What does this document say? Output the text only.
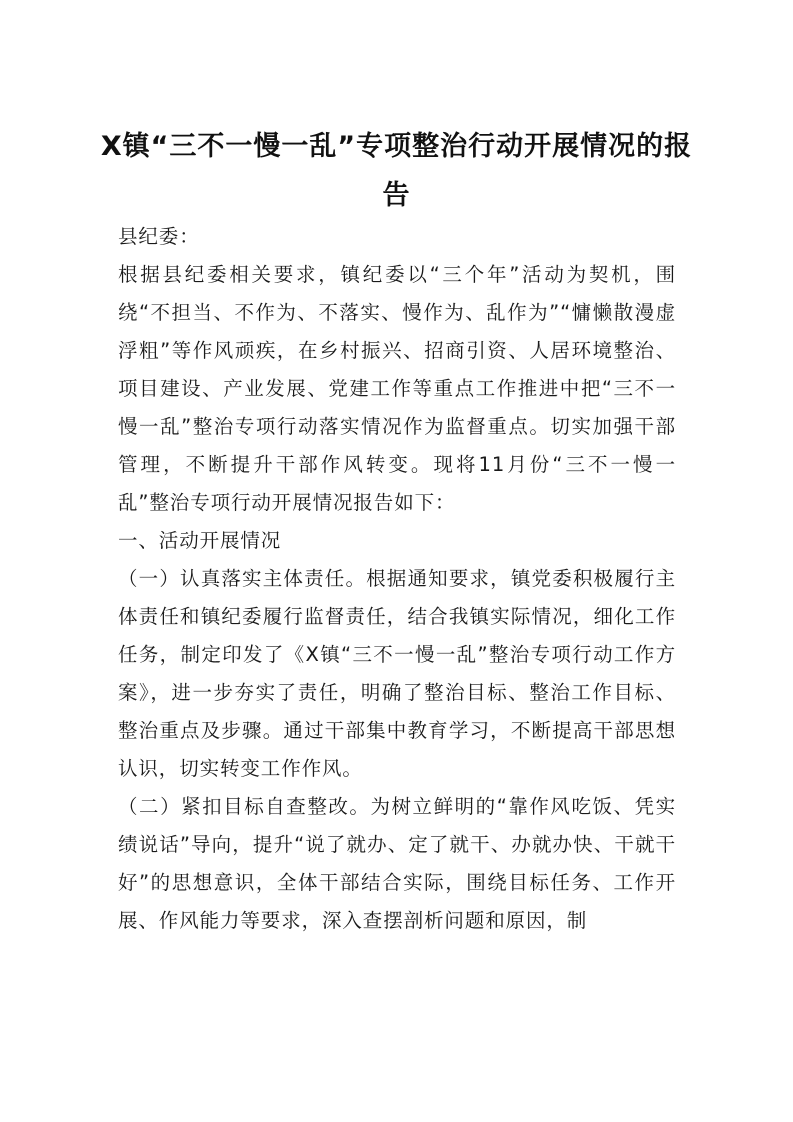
X镇“三不一慢一乱”专项整治行动开展情况的报告

县纪委：

根据县纪委相关要求，镇纪委以“三个年”活动为契机，围绕“不担当、不作为、不落实、慢作为、乱作为”“慵懒散漫虚浮粗”等作风顽疾，在乡村振兴、招商引资、人居环境整治、项目建设、产业发展、党建工作等重点工作推进中把“三不一慢一乱”整治专项行动落实情况作为监督重点。切实加强干部管理，不断提升干部作风转变。现将11月份“三不一慢一乱”整治专项行动开展情况报告如下：

一、活动开展情况

（一）认真落实主体责任。根据通知要求，镇党委积极履行主体责任和镇纪委履行监督责任，结合我镇实际情况，细化工作任务，制定印发了《X镇“三不一慢一乱”整治专项行动工作方案》，进一步夯实了责任，明确了整治目标、整治工作目标、整治重点及步骤。通过干部集中教育学习，不断提高干部思想认识，切实转变工作作风。

（二）紧扣目标自查整改。为树立鲜明的“靠作风吃饭、凭实绩说话”导向，提升“说了就办、定了就干、办就办快、干就干好”的思想意识，全体干部结合实际，围绕目标任务、工作开展、作风能力等要求，深入查摆剖析问题和原因，制
